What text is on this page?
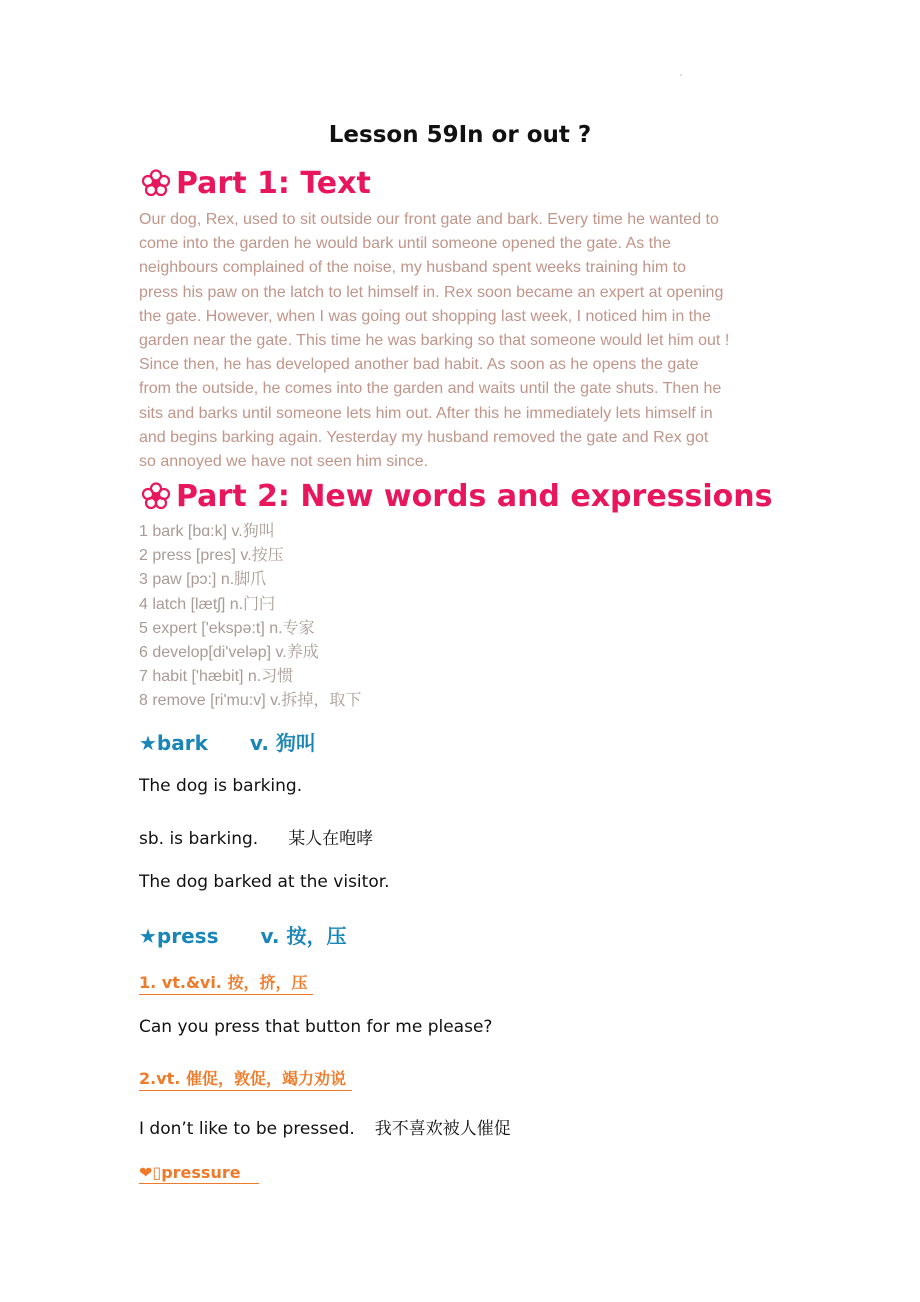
Lesson 59In or out ?
Part 1: Text
Our dog, Rex, used to sit outside our front gate and bark. Every time he wanted to
come into the garden he would bark until someone opened the gate. As the
neighbours complained of the noise, my husband spent weeks training him to
press his paw on the latch to let himself in. Rex soon became an expert at opening
the gate. However, when I was going out shopping last week, I noticed him in the
garden near the gate. This time he was barking so that someone would let him out !
Since then, he has developed another bad habit. As soon as he opens the gate
from the outside, he comes into the garden and waits until the gate shuts. Then he
sits and barks until someone lets him out. After this he immediately lets himself in
and begins barking again. Yesterday my husband removed the gate and Rex got
so annoyed we have not seen him since.
Part 2: New words and expressions
1 bark [bɑ:k] v.狗叫
2 press [pres] v.按压
3 paw [pɔ:] n.脚爪
4 latch [lætʃ] n.门闩
5 expert ['ekspə:t] n.专家
6 develop[di'veləp] v.养成
7 habit ['hæbit] n.习惯
8 remove [ri'mu:v] v.拆掉，取下
★bark v. 狗叫
The dog is barking.
sb. is barking. 某人在咆哮
The dog barked at the visitor.
★press v. 按，压
1. vt.&vi. 按，挤，压
Can you press that button for me please?
2.vt. 催促，敦促，竭力劝说
I don’t like to be pressed. 我不喜欢被人催促
❤▯pressure
